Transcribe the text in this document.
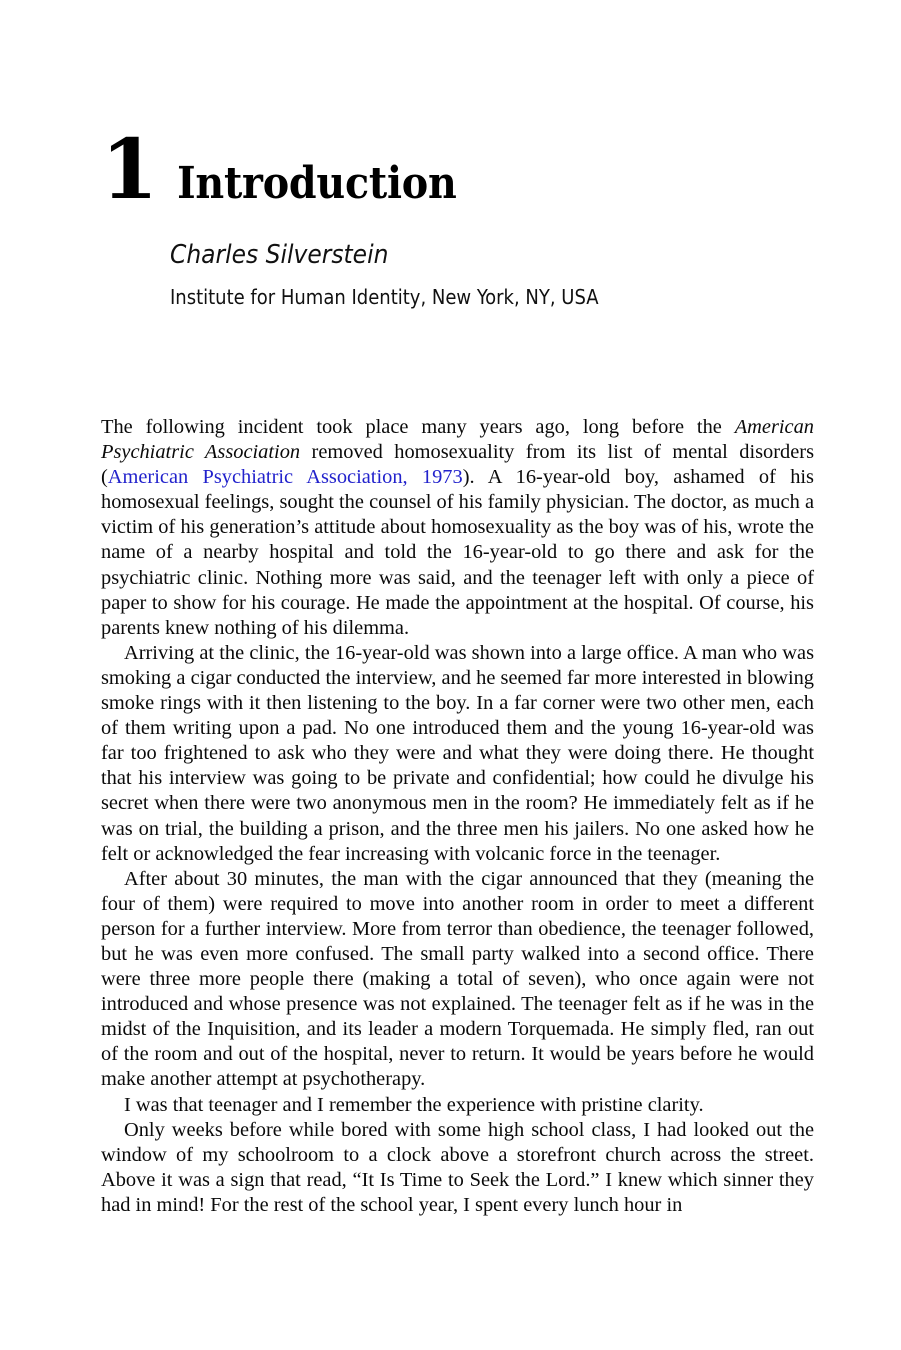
1 Introduction
Charles Silverstein
Institute for Human Identity, New York, NY, USA

The following incident took place many years ago, long before the American Psychiatric Association removed homosexuality from its list of mental disorders (American Psychiatric Association, 1973). A 16-year-old boy, ashamed of his homosexual feelings, sought the counsel of his family physician. The doctor, as much a victim of his generation’s attitude about homosexuality as the boy was of his, wrote the name of a nearby hospital and told the 16-year-old to go there and ask for the psychiatric clinic. Nothing more was said, and the teenager left with only a piece of paper to show for his courage. He made the appointment at the hospital. Of course, his parents knew nothing of his dilemma.

Arriving at the clinic, the 16-year-old was shown into a large office. A man who was smoking a cigar conducted the interview, and he seemed far more interested in blowing smoke rings with it then listening to the boy. In a far corner were two other men, each of them writing upon a pad. No one introduced them and the young 16-year-old was far too frightened to ask who they were and what they were doing there. He thought that his interview was going to be private and confidential; how could he divulge his secret when there were two anonymous men in the room? He immediately felt as if he was on trial, the building a prison, and the three men his jailers. No one asked how he felt or acknowledged the fear increasing with volcanic force in the teenager.

After about 30 minutes, the man with the cigar announced that they (meaning the four of them) were required to move into another room in order to meet a different person for a further interview. More from terror than obedience, the teenager followed, but he was even more confused. The small party walked into a second office. There were three more people there (making a total of seven), who once again were not introduced and whose presence was not explained. The teenager felt as if he was in the midst of the Inquisition, and its leader a modern Torquemada. He simply fled, ran out of the room and out of the hospital, never to return. It would be years before he would make another attempt at psychotherapy.

I was that teenager and I remember the experience with pristine clarity.

Only weeks before while bored with some high school class, I had looked out the window of my schoolroom to a clock above a storefront church across the street. Above it was a sign that read, “It Is Time to Seek the Lord.” I knew which sinner they had in mind! For the rest of the school year, I spent every lunch hour in
